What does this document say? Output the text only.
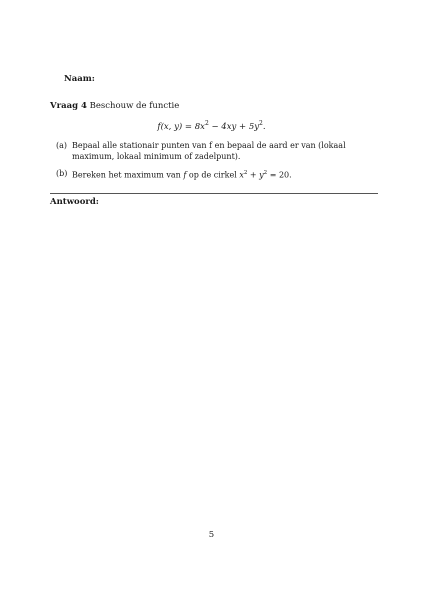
Naam:
Vraag 4 Beschouw de functie
f(x, $y) = 8x^2 - 4xy + 5y^2$.
(a) Bepaal alle stationair punten van f en bepaal de aard er van (lokaal maximum, lokaal minimum of zadelpunt).
(b) Bereken het maximum van f op de cirkel $x^2 + y^2 = 20$.
Antwoord:
5
